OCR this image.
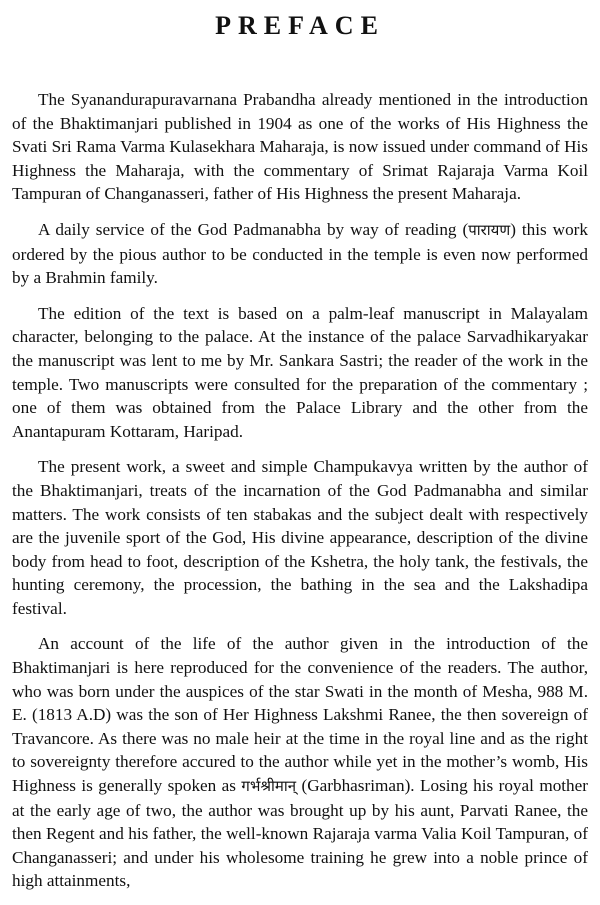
PREFACE

The Syanandurapuravarnana Prabandha already mentioned in the introduction of the Bhaktimanjari published in 1904 as one of the works of His Highness the Svati Sri Rama Varma Kulasekhara Maharaja, is now issued under command of His Highness the Maharaja, with the commentary of Srimat Rajaraja Varma Koil Tampuran of Changanasseri, father of His Highness the present Maharaja.

A daily service of the God Padmanabha by way of reading (पारायण) this work ordered by the pious author to be conducted in the temple is even now performed by a Brahmin family.

The edition of the text is based on a palm-leaf manuscript in Malayalam character, belonging to the palace. At the instance of the palace Sarvadhikaryakar the manuscript was lent to me by Mr. Sankara Sastri; the reader of the work in the temple. Two manuscripts were consulted for the preparation of the commentary ; one of them was obtained from the Palace Library and the other from the Anantapuram Kottaram, Haripad.

The present work, a sweet and simple Champukavya written by the author of the Bhaktimanjari, treats of the incarnation of the God Padmanabha and similar matters. The work consists of ten stabakas and the subject dealt with respectively are the juvenile sport of the God, His divine appearance, description of the divine body from head to foot, description of the Kshetra, the holy tank, the festivals, the hunting ceremony, the procession, the bathing in the sea and the Lakshadipa festival.

An account of the life of the author given in the introduction of the Bhaktimanjari is here reproduced for the convenience of the readers. The author, who was born under the auspices of the star Swati in the month of Mesha, 988 M. E. (1813 A.D) was the son of Her Highness Lakshmi Ranee, the then sovereign of Travancore. As there was no male heir at the time in the royal line and as the right to sovereignty therefore accured to the author while yet in the mother’s womb, His Highness is generally spoken as गर्भश्रीमान् (Garbhasriman). Losing his royal mother at the early age of two, the author was brought up by his aunt, Parvati Ranee, the then Regent and his father, the well-known Rajaraja varma Valia Koil Tampuran, of Changanasseri; and under his wholesome training he grew into a noble prince of high attainments,
